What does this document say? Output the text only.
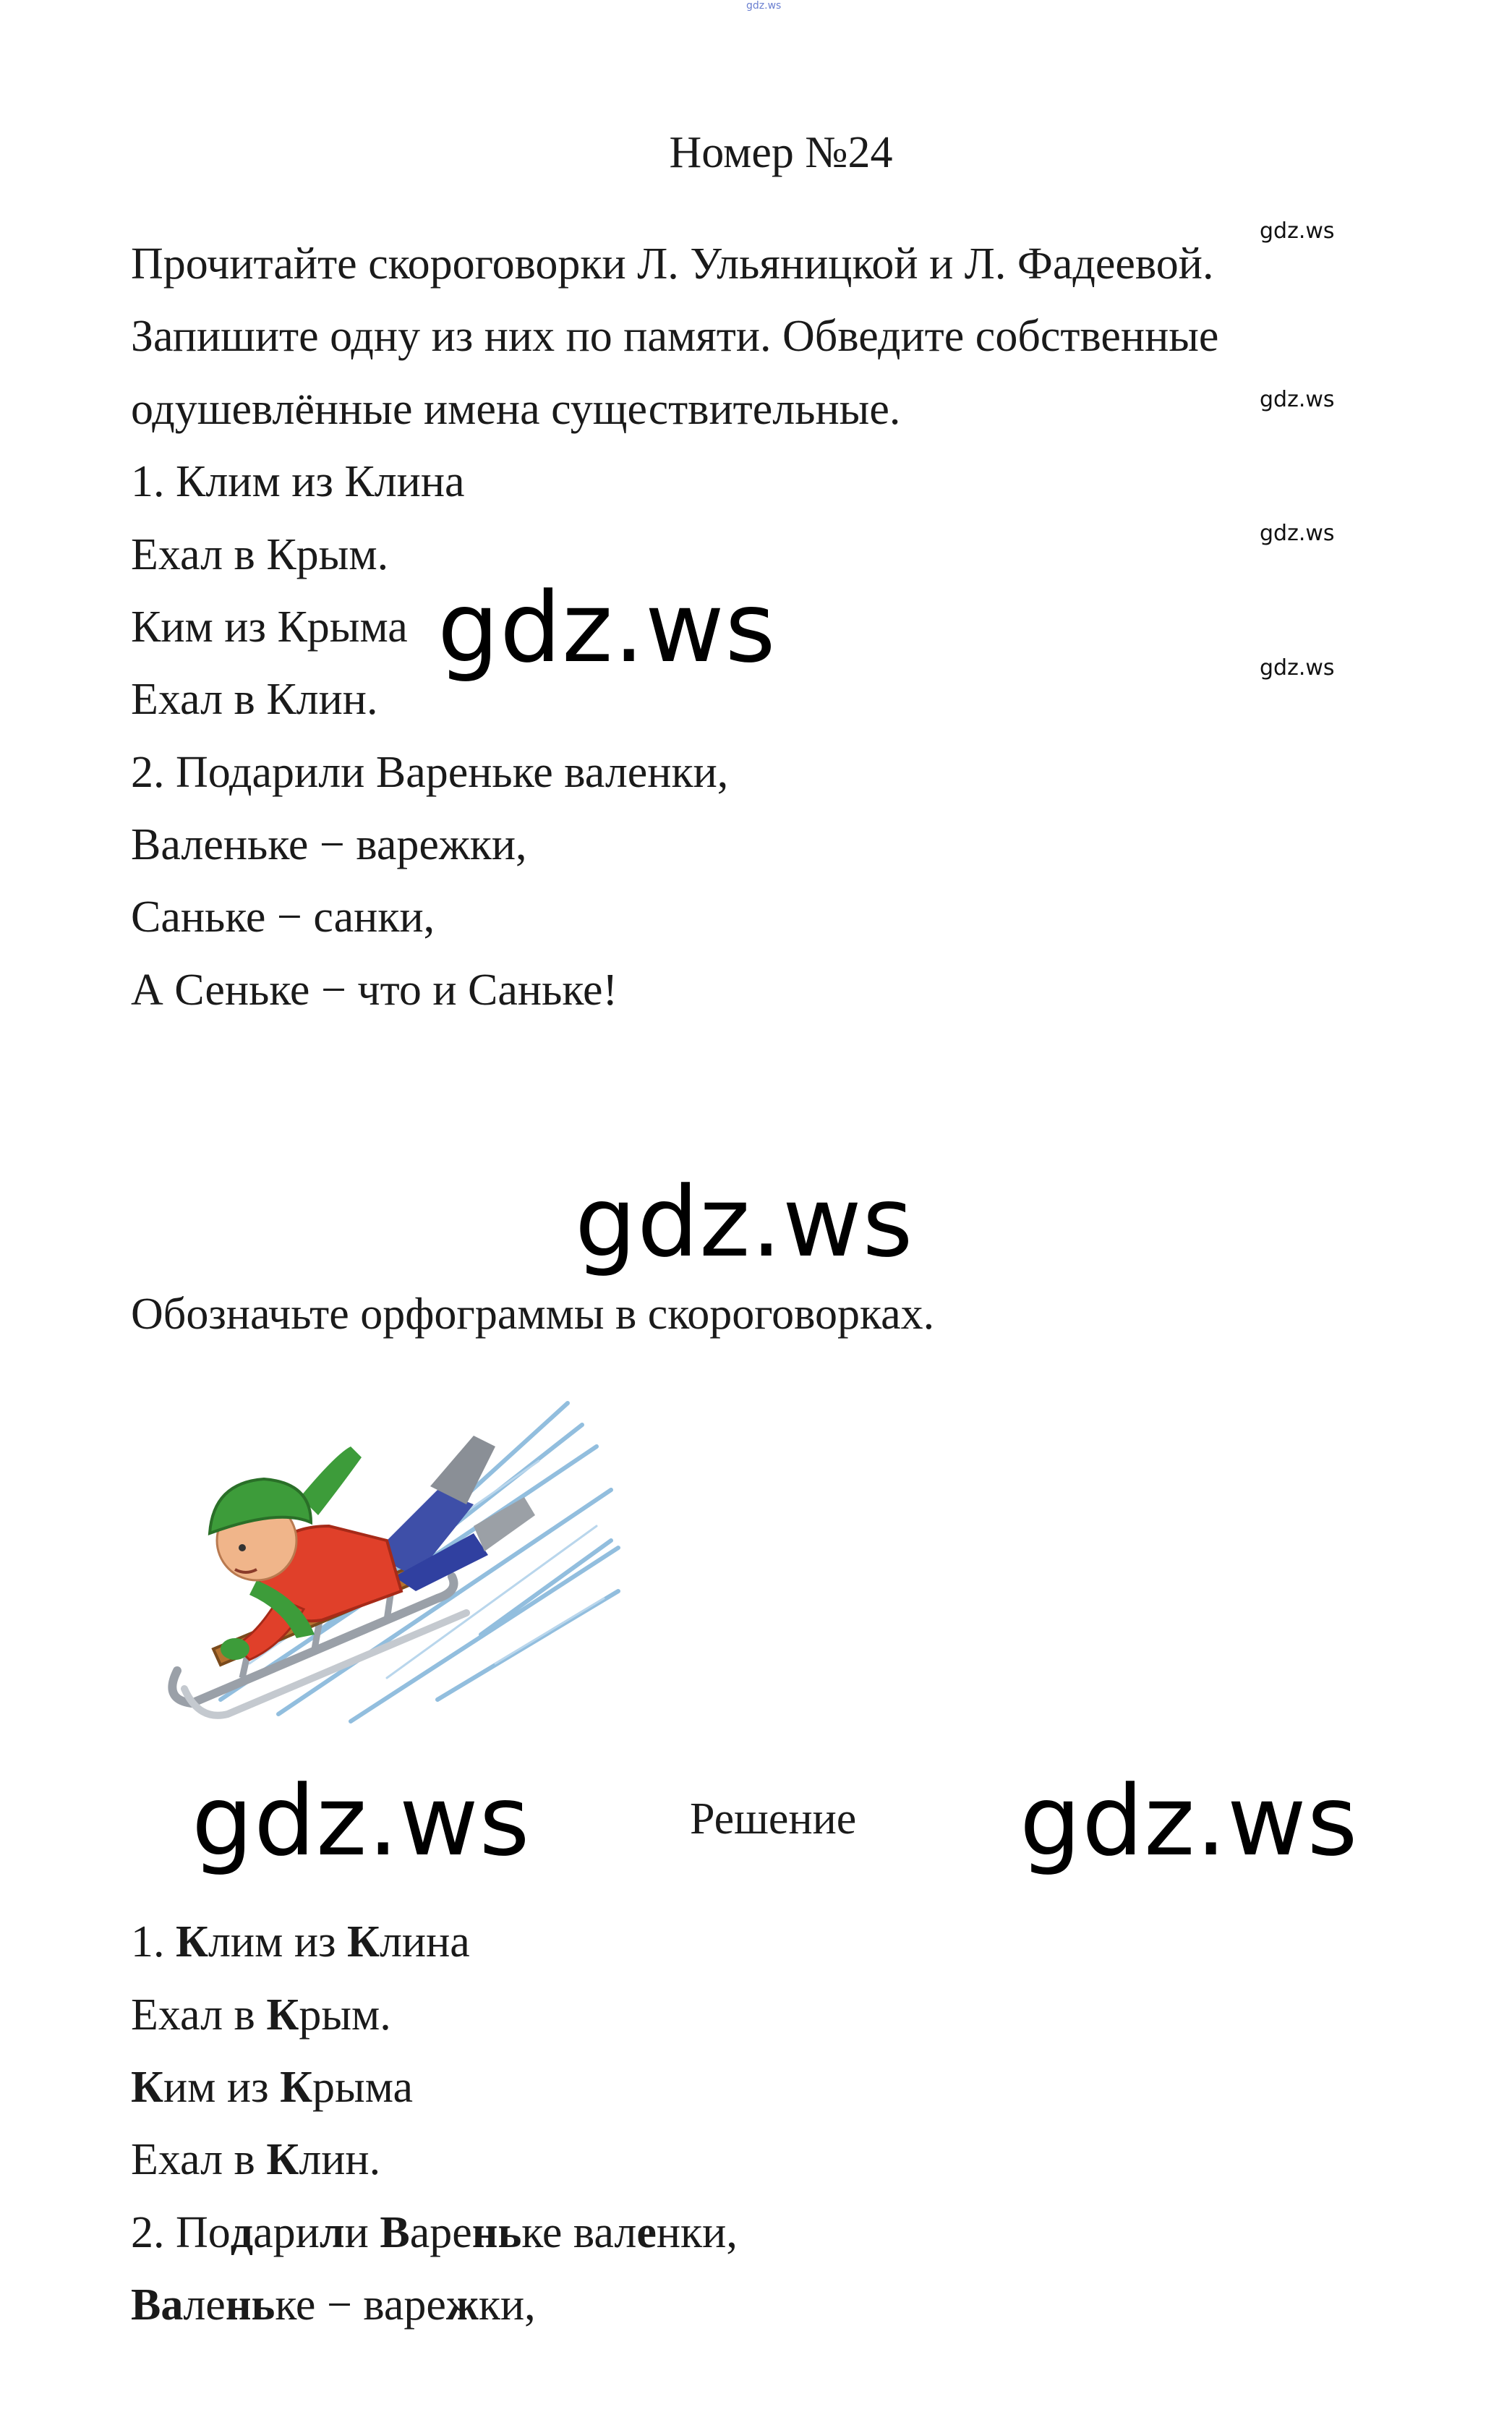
gdz.ws
Номер №24
gdz.ws
gdz.ws
gdz.ws
gdz.ws
Прочитайте скороговорки Л. Ульяницкой и Л. Фадеевой.
Запишите одну из них по памяти. Обведите собственные
одушевлённые имена существительные.
1. Клим из Клина
Ехал в Крым.
Ким из Крыма
Ехал в Клин.
2. Подарили Вареньке валенки,
Валеньке − варежки,
Саньке − санки,
А Сеньке − что и Саньке!
gdz.ws
gdz.ws
Обозначьте орфограммы в скороговорках.
gdz.ws	Решение gdz.ws
1. Клим из Клина
Ехал в Крым.
Ким из Крыма
Ехал в Клин.
2. Подарили Вареньке валенки,
Валеньке − варежки,
